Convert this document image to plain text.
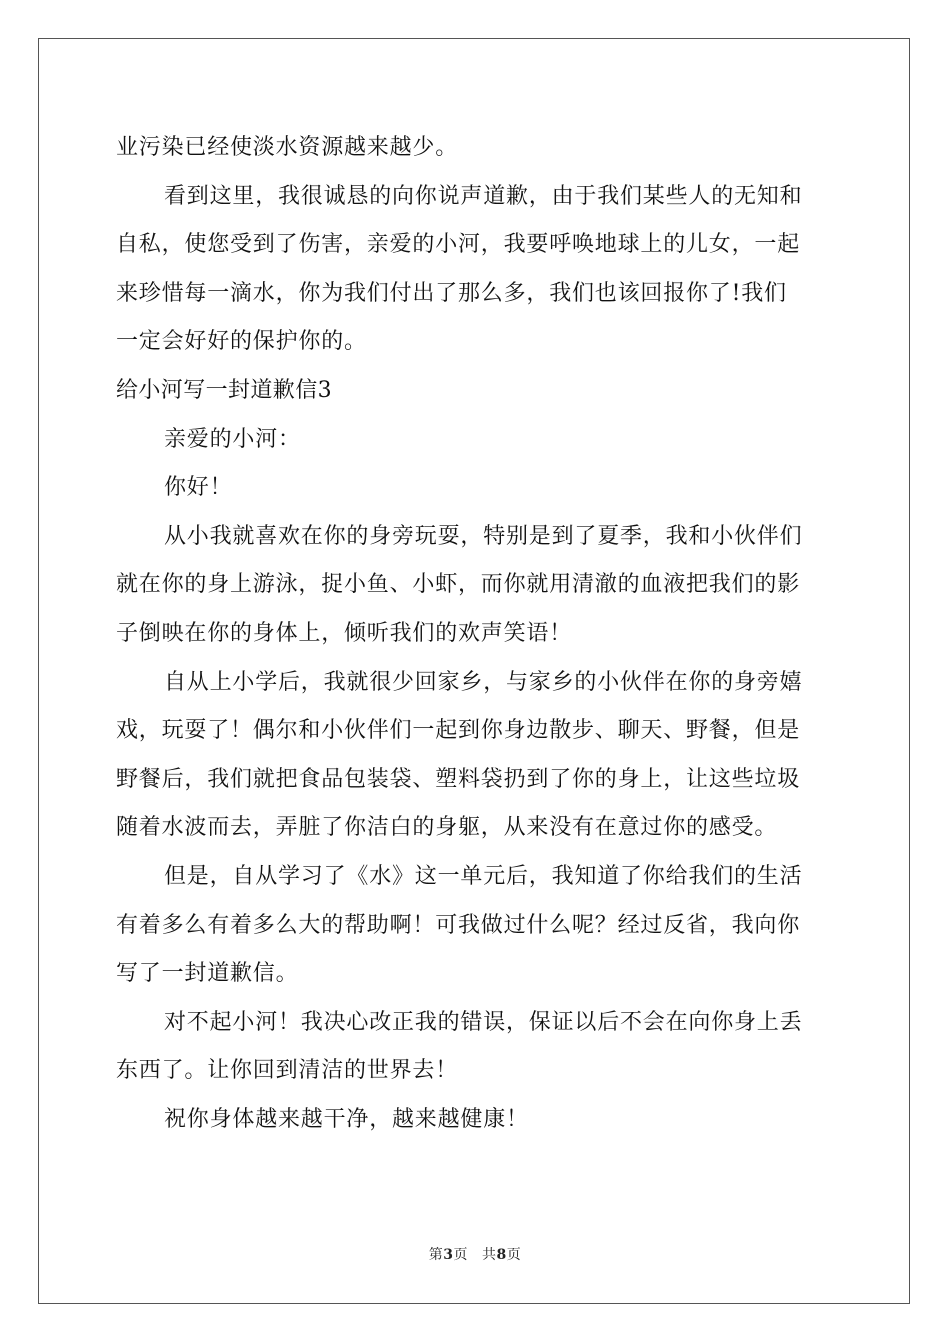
业污染已经使淡水资源越来越少。
看到这里，我很诚恳的向你说声道歉，由于我们某些人的无知和
自私，使您受到了伤害，亲爱的小河，我要呼唤地球上的儿女，一起
来珍惜每一滴水，你为我们付出了那么多，我们也该回报你了!我们
一定会好好的保护你的。
给小河写一封道歉信3
亲爱的小河：
你好！
从小我就喜欢在你的身旁玩耍，特别是到了夏季，我和小伙伴们
就在你的身上游泳，捉小鱼、小虾，而你就用清澈的血液把我们的影
子倒映在你的身体上，倾听我们的欢声笑语！
自从上小学后，我就很少回家乡，与家乡的小伙伴在你的身旁嬉
戏，玩耍了！偶尔和小伙伴们一起到你身边散步、聊天、野餐，但是
野餐后，我们就把食品包装袋、塑料袋扔到了你的身上，让这些垃圾
随着水波而去，弄脏了你洁白的身躯，从来没有在意过你的感受。
但是，自从学习了《水》这一单元后，我知道了你给我们的生活
有着多么有着多么大的帮助啊！可我做过什么呢？经过反省，我向你
写了一封道歉信。
对不起小河！我决心改正我的错误，保证以后不会在向你身上丢
东西了。让你回到清洁的世界去！
祝你身体越来越干净，越来越健康！
第3页 共8页
